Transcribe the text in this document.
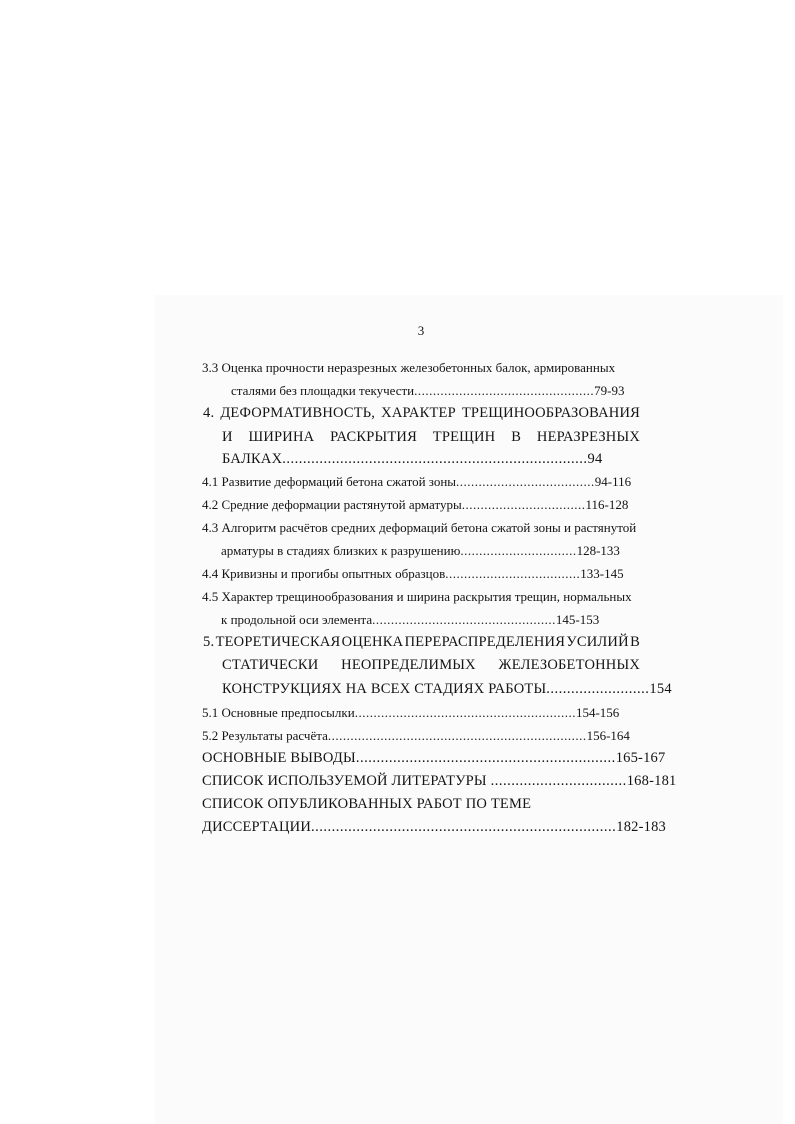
3
3.3 Оценка прочности неразрезных железобетонных балок, армированных
сталями без площадки текучести................................................79-93
4. ДЕФОРМАТИВНОСТЬ, ХАРАКТЕР ТРЕЩИНООБРАЗОВАНИЯ
И ШИРИНА РАСКРЫТИЯ ТРЕЩИН В НЕРАЗРЕЗНЫХ
БАЛКАХ..........................................................................94
4.1 Развитие деформаций бетона сжатой зоны.....................................94-116
4.2 Средние деформации растянутой арматуры.................................116-128
4.3 Алгоритм расчётов средних деформаций бетона сжатой зоны и растянутой
арматуры в стадиях близких к разрушению...............................128-133
4.4 Кривизны и прогибы опытных образцов....................................133-145
4.5 Характер трещинообразования и ширина раскрытия трещин, нормальных
к продольной оси элемента.................................................145-153
5. ТЕОРЕТИЧЕСКАЯ ОЦЕНКА ПЕРЕРАСПРЕДЕЛЕНИЯ УСИЛИЙ В
СТАТИЧЕСКИ НЕОПРЕДЕЛИМЫХ ЖЕЛЕЗОБЕТОННЫХ
КОНСТРУКЦИЯХ НА ВСЕХ СТАДИЯХ РАБОТЫ.........................154
5.1 Основные предпосылки...........................................................154-156
5.2 Результаты расчёта.....................................................................156-164
ОСНОВНЫЕ ВЫВОДЫ...............................................................165-167
СПИСОК ИСПОЛЬЗУЕМОЙ ЛИТЕРАТУРЫ .................................168-181
СПИСОК ОПУБЛИКОВАННЫХ РАБОТ ПО ТЕМЕ
ДИССЕРТАЦИИ..........................................................................182-183
